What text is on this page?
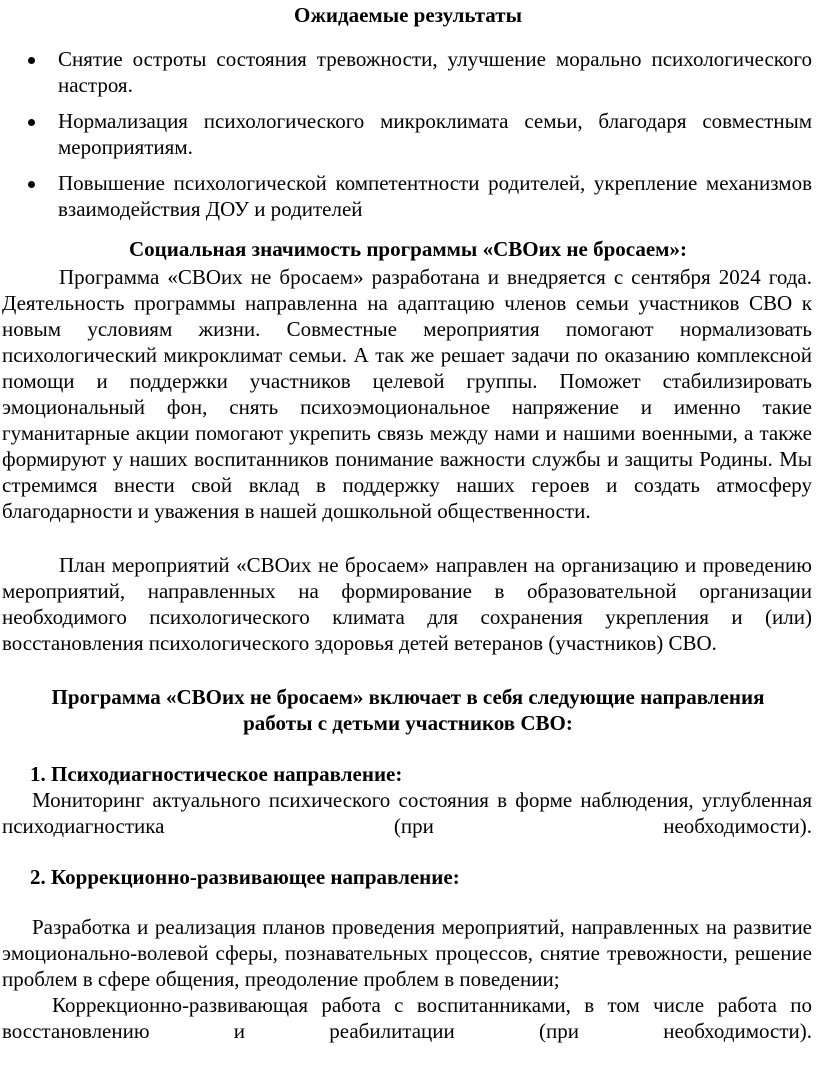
Ожидаемые результаты
Снятие остроты состояния тревожности, улучшение морально психологического настроя.
Нормализация психологического микроклимата семьи, благодаря совместным мероприятиям.
Повышение психологической компетентности родителей, укрепление механизмов взаимодействия ДОУ и родителей
Социальная значимость программы «СВОих не бросаем»:

Программа «СВОих не бросаем» разработана и внедряется с сентября 2024 года. Деятельность программы направленна на адаптацию членов семьи участников СВО к новым условиям жизни. Совместные мероприятия помогают нормализовать психологический микроклимат семьи. А так же решает задачи по оказанию комплексной помощи и поддержки участников целевой группы. Поможет стабилизировать эмоциональный фон, снять психоэмоциональное напряжение и именно такие гуманитарные акции помогают укрепить связь между нами и нашими военными, а также формируют у наших воспитанников понимание важности службы и защиты Родины. Мы стремимся внести свой вклад в поддержку наших героев и создать атмосферу благодарности и уважения в нашей дошкольной общественности.

План мероприятий «СВОих не бросаем» направлен на организацию и проведению мероприятий, направленных на формирование в образовательной организации необходимого психологического климата для сохранения укрепления и (или) восстановления психологического здоровья детей ветеранов (участников) СВО.

Программа «СВОих не бросаем» включает в себя следующие направления работы с детьми участников СВО:
1. Психодиагностическое направление:

Мониторинг актуального психического состояния в форме наблюдения, углубленная психодиагностика (при необходимости).

2. Коррекционно-развивающее направление:

Разработка и реализация планов проведения мероприятий, направленных на развитие эмоционально-волевой сферы, познавательных процессов, снятие тревожности, решение проблем в сфере общения, преодоление проблем в поведении;

Коррекционно-развивающая работа с воспитанниками, в том числе работа по восстановлению и реабилитации (при необходимости).
